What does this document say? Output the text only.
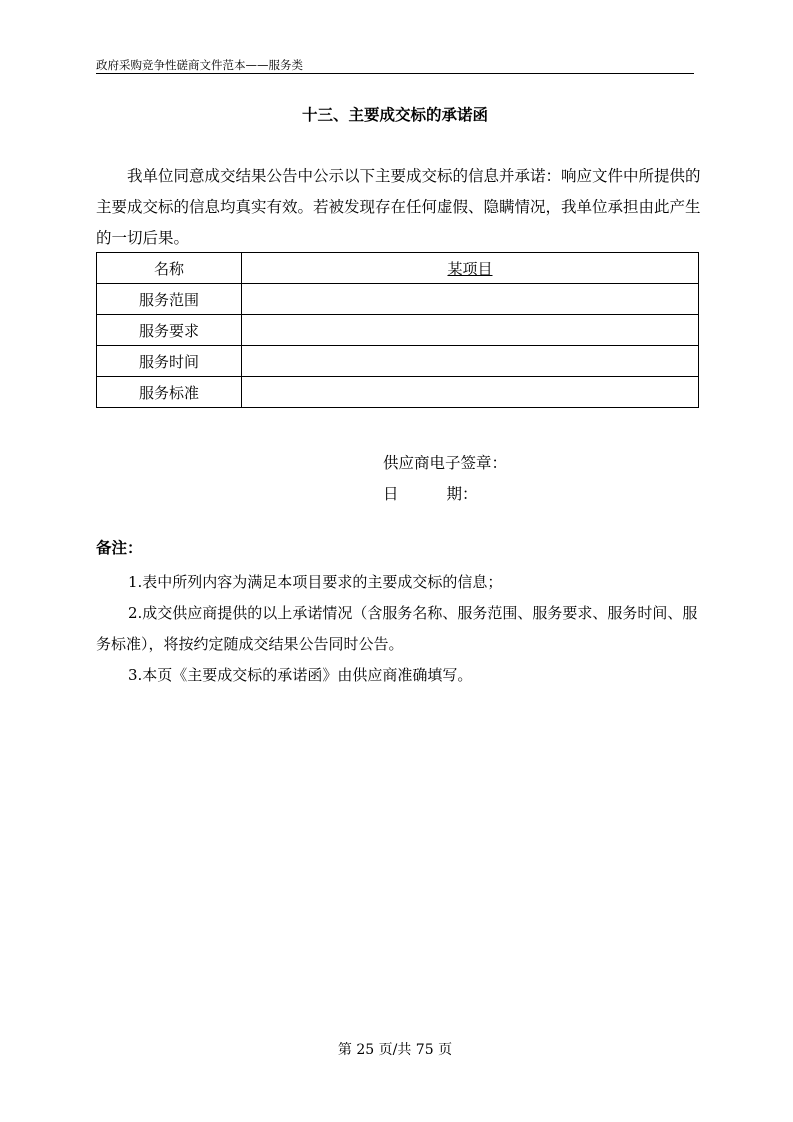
政府采购竞争性磋商文件范本——服务类
十三、主要成交标的承诺函
我单位同意成交结果公告中公示以下主要成交标的信息并承诺：响应文件中所提供的主要成交标的信息均真实有效。若被发现存在任何虚假、隐瞒情况，我单位承担由此产生的一切后果。
名称	某项目
服务范围	
服务要求	
服务时间	
服务标准	
供应商电子签章：
日	期：
备注：

1.表中所列内容为满足本项目要求的主要成交标的信息；

2.成交供应商提供的以上承诺情况（含服务名称、服务范围、服务要求、服务时间、服务标准），将按约定随成交结果公告同时公告。

3.本页《主要成交标的承诺函》由供应商准确填写。

第 25 页/共 75 页
